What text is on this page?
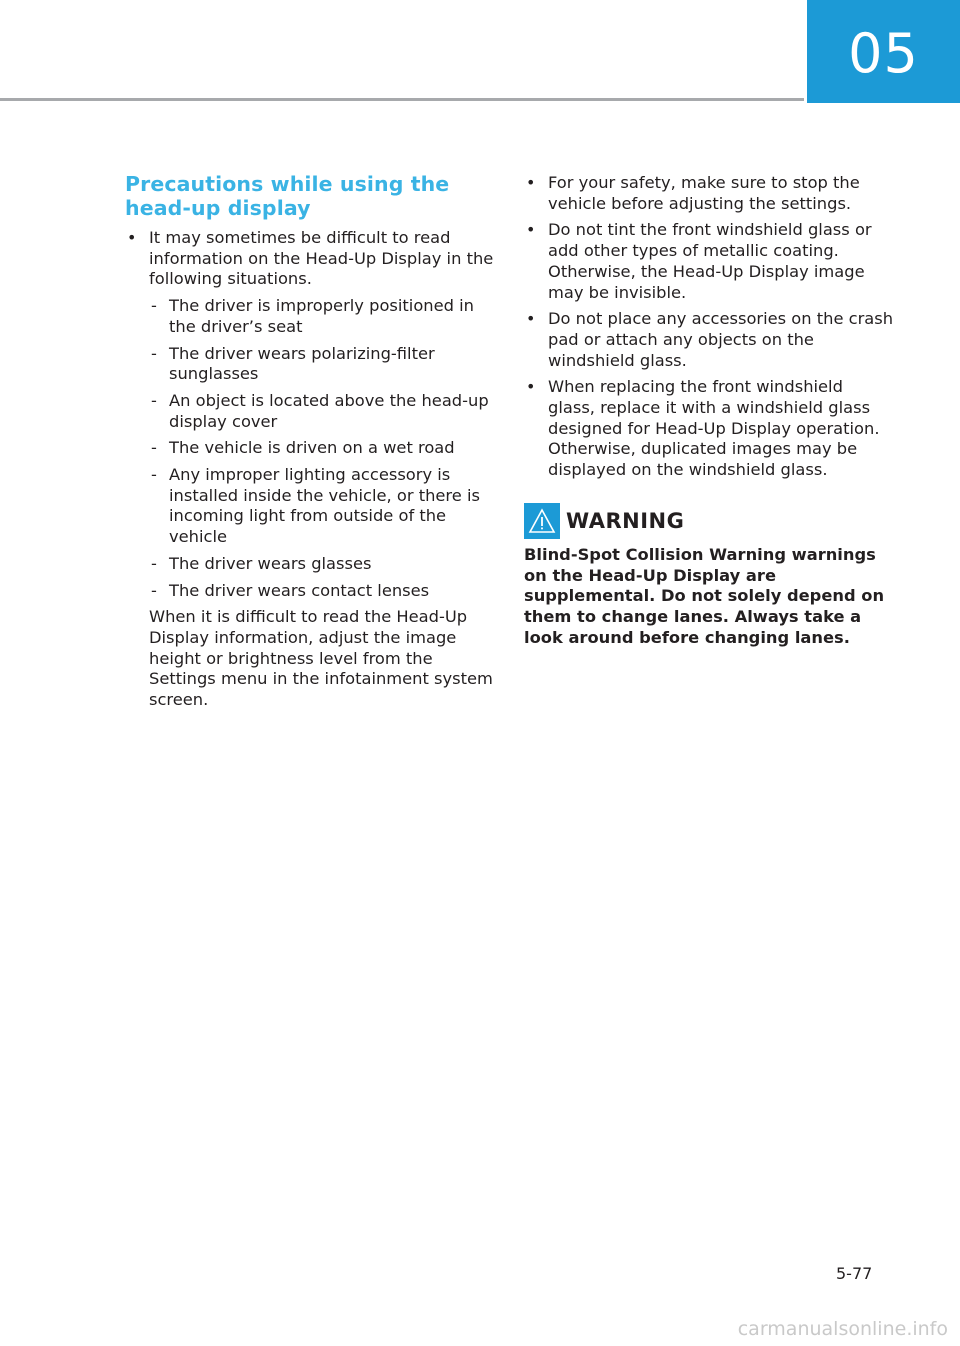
05
Precautions while using the head-up display
• It may sometimes be difficult to read information on the Head-Up Display in the following situations.
- The driver is improperly positioned in the driver’s seat
- The driver wears polarizing-filter sunglasses
- An object is located above the head-up display cover
- The vehicle is driven on a wet road
- Any improper lighting accessory is installed inside the vehicle, or there is incoming light from outside of the vehicle
- The driver wears glasses
- The driver wears contact lenses
When it is difficult to read the Head-Up Display information, adjust the image height or brightness level from the Settings menu in the infotainment system screen.
• For your safety, make sure to stop the vehicle before adjusting the settings.
• Do not tint the front windshield glass or add other types of metallic coating. Otherwise, the Head-Up Display image may be invisible.
• Do not place any accessories on the crash pad or attach any objects on the windshield glass.
• When replacing the front windshield glass, replace it with a windshield glass designed for Head-Up Display operation. Otherwise, duplicated images may be displayed on the windshield glass.
WARNING
Blind-Spot Collision Warning warnings on the Head-Up Display are supplemental. Do not solely depend on them to change lanes. Always take a look around before changing lanes.
5-77
carmanualsonline.info
